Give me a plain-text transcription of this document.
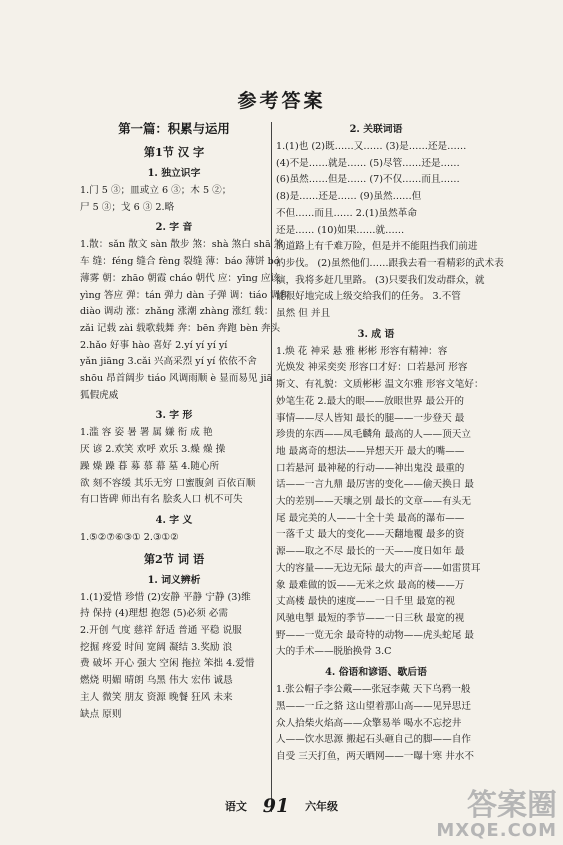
参考答案
第一篇：积累与运用
第1节 汉 字
1. 独立识字
1.门 5 ③；皿或立 6 ③；木 5 ②；
尸 5 ③；戈 6 ③ 2.略
2. 字 音
1.散：sǎn 散文 sàn 散步 煞：shà 煞白 shā 煞
车 缝：féng 缝合 fèng 裂缝 薄：báo 薄饼 bó
薄雾 朝：zhāo 朝霞 cháo 朝代 应：yīng 应该
yìng 答应 弹：tán 弹力 dàn 子弹 调：tiáo 调和
diào 调动 涨：zhǎng 涨潮 zhàng 涨红 载：
zǎi 记载 zài 载歌载舞 奔：bēn 奔跑 bèn 奔头
2.hǎo 好事 hào 喜好 2.yí yí yí yí
yǎn jiāng 3.cǎi 兴高采烈 yí yí 依依不舍
shōu 昂首阔步 tiáo 风调雨顺 è 显而易见 jiā
狐假虎威
3. 字 形
1.滥 容 姿 暑 署 属 嫌 衔 成 艳
厌 谚 2.欢笑 欢呼 欢乐 3.燥 燥 操
躁 燥 躁 暮 募 慕 幕 墓 4.随心所
欲 刻不容缓 其乐无穷 口蜜腹剑 百依百顺
有口皆碑 师出有名 脍炙人口 机不可失
4. 字 义
1.⑤②⑦⑥③① 2.③①②
第2节 词 语
1. 词义辨析
1.(1)爱惜 珍惜 (2)安静 平静 宁静 (3)维
持 保持 (4)理想 抱怨 (5)必须 必需
2.开创 气度 慈祥 舒适 普通 平稳 说服
挖掘 疼爱 时间 宽阔 凝结 3.奖励 浪
费 破坏 开心 强大 空闲 拖拉 笨拙 4.爱惜
燃烧 明媚 晴朗 乌黑 伟大 宏伟 诚恳
主人 微笑 朋友 资源 晚餐 狂风 未来
缺点 原则
2. 关联词语
1.(1)也 (2)既……又…… (3)是……还是……
(4)不是……就是…… (5)尽管……还是……
(6)虽然……但是…… (7)不仅……而且……
(8)是……还是…… (9)虽然……但
不但……而且…… 2.(1)虽然革命
还是…… (10)如果……就……
的道路上有千难万险，但是并不能阻挡我们前进
的步伐。 (2)虽然他们……跟我去看一看精彩的武术表
演，我将多赶几里路。 (3)只要我们发动群众，就
能很好地完成上级交给我们的任务。 3.不管
虽然 但 并且
3. 成 语
1.焕 花 神采 悬 雅 彬彬 形容有精神：容
光焕发 神采奕奕 形容口才好：口若悬河 形容
斯文、有礼貌：文质彬彬 温文尔雅 形容文笔好：
妙笔生花 2.最大的眼——放眼世界 最公开的
事情——尽人皆知 最长的腿——一步登天 最
珍贵的东西——凤毛麟角 最高的人——顶天立
地 最离奇的想法——异想天开 最大的嘴——
口若悬河 最神秘的行动——神出鬼没 最重的
话——一言九鼎 最厉害的变化——偷天换日 最
大的差别——天壤之别 最长的文章——有头无
尾 最完美的人——十全十美 最高的瀑布——
一落千丈 最大的变化——天翻地覆 最多的资
源——取之不尽 最长的一天——度日如年 最
大的容量——无边无际 最大的声音——如雷贯耳
象 最难做的饭——无米之炊 最高的楼——万
丈高楼 最快的速度——一日千里 最宽的视
风驰电掣 最短的季节——一日三秋 最宽的视
野——一览无余 最奇特的动物——虎头蛇尾 最
大的手术——脱胎换骨 3.C
4. 俗语和谚语、歇后语
1.张公帽子李公戴——张冠李戴 天下乌鸦一般
黑——一丘之貉 这山望着那山高——见异思迁
众人拾柴火焰高——众擎易举 喝水不忘挖井
人——饮水思源 搬起石头砸自己的脚——自作
自受 三天打鱼，两天晒网——一曝十寒 井水不
语文 91 六年级	答案圈
MXQE.COM
